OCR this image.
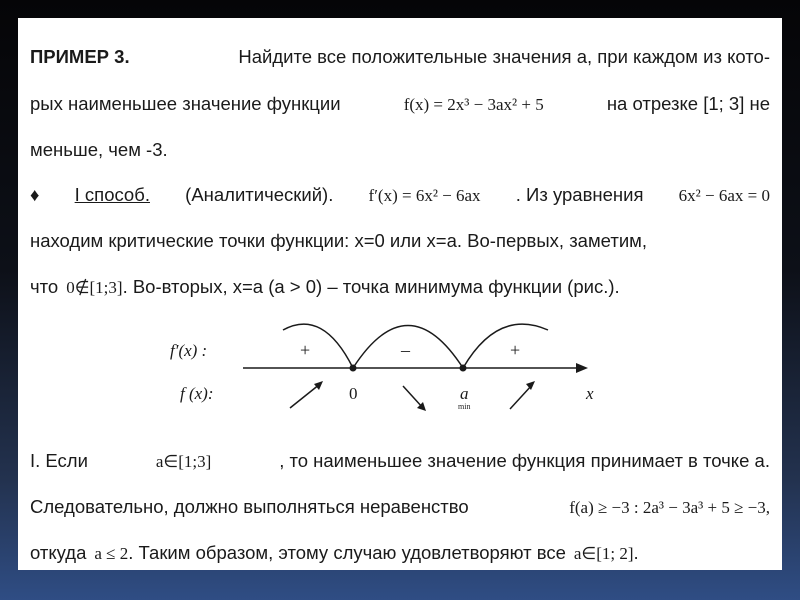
ПРИМЕР 3.	Найдите все положительные значения а, при каждом из кото-
рых наименьшее значение функции	f(x) = 2x³ − 3ax² + 5	на отрезке [1; 3] не
меньше, чем -3.
♦ I способ. (Аналитический). f′(x) = 6x² − 6ax . Из уравнения 6x² − 6ax = 0
находим критические точки функции: x=0 или x=a. Во-первых, заметим,
что 0∉[1;3] . Во-вторых, x=a (a > 0) – точка минимума функции (рис.).
I. Если	a∈[1;3]	, то наименьшее значение функция принимает в точке а.
Следовательно, должно выполняться неравенство	f(a) ≥ −3 : 2a³ − 3a³ + 5 ≥ −3,
откуда a ≤ 2 . Таким образом, этому случаю удовлетворяют все a∈[1; 2] .
f′(x) :
f (x):
+	–	+
0	a
min
x
